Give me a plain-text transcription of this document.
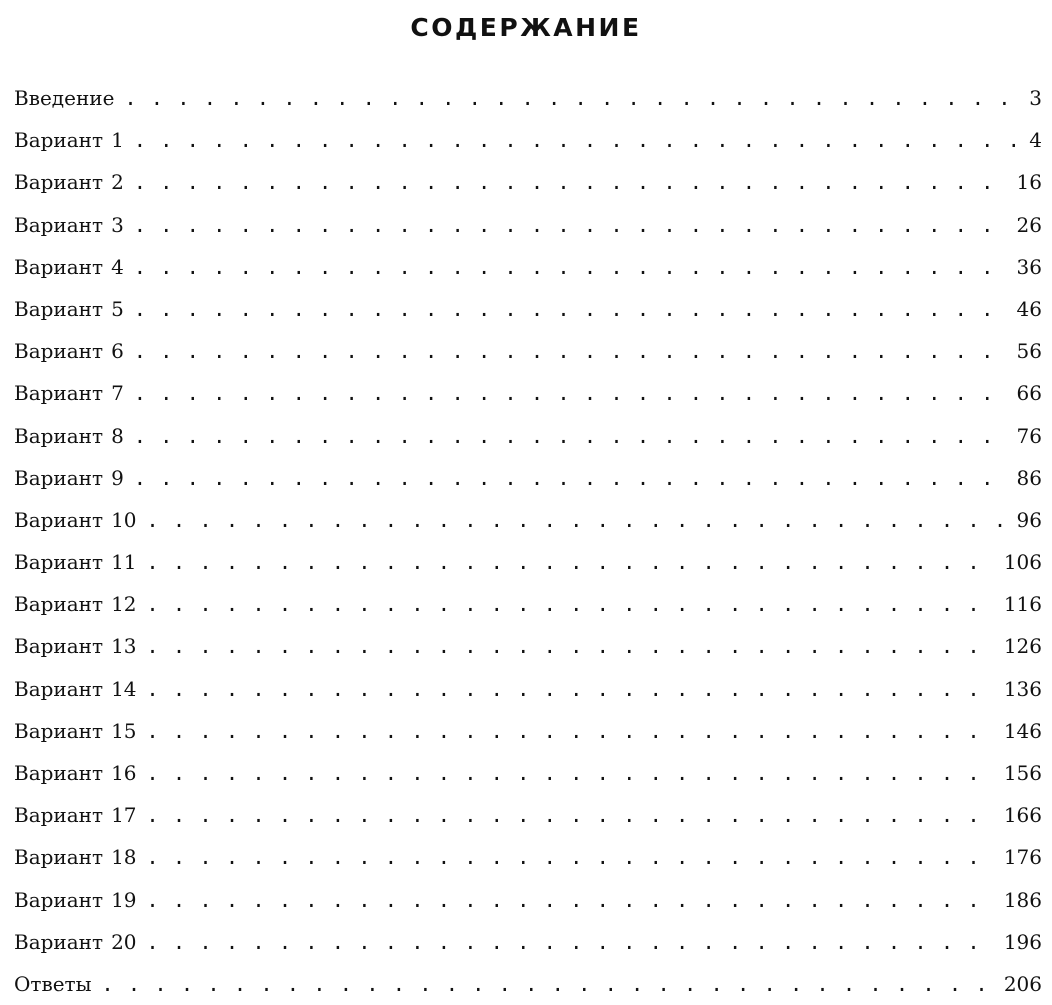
СОДЕРЖАНИЕ
Введение . . .	3
Вариант 1 . . .	4
Вариант 2 . . .	16
Вариант 3 . . .	26
Вариант 4 . . .	36
Вариант 5 . . .	46
Вариант 6 . . .	56
Вариант 7 . . .	66
Вариант 8 . . .	76
Вариант 9 . . .	86
Вариант 10 . . .	96
Вариант 11 . . .	106
Вариант 12 . . .	116
Вариант 13 . . .	126
Вариант 14 . . .	136
Вариант 15 . . .	146
Вариант 16 . . .	156
Вариант 17 . . .	166
Вариант 18 . . .	176
Вариант 19 . . .	186
Вариант 20 . . .	196
Ответы . . .	206
